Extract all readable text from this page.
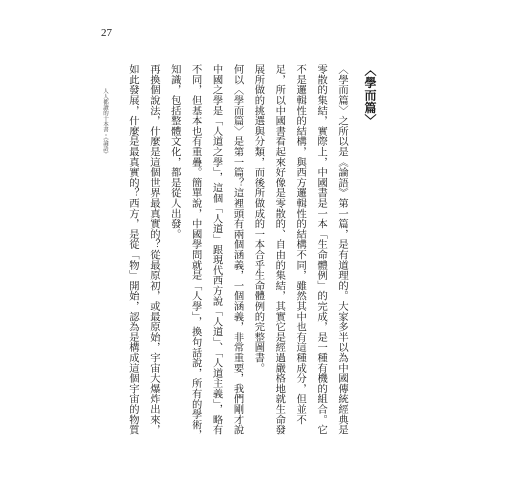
27
人人都讀的十本書・《論語》	〈學而篇〉

〈學而篇〉之所以是《論語》第一篇，是有道理的。大家多半以為中國傳統經典是零散的集結，實際上，中國書是一本「生命體例」的完成，是一種有機的組合。它不是邏輯性的結構，與西方邏輯性的結構不同，雖然其中也有這種成分，但並不足，所以中國書看起來好像是零散的、自由的集結，其實它是經過嚴格地就生命發展所做的挑選與分類，而後所做成的一本合乎生命體例的完整圖書。

何以〈學而篇〉是第一篇？這裡頭有兩個涵義，一個涵義，非常重要，我們剛才說中國之學是「人道之學」，這個「人道」跟現代西方說「人道」、「人道主義」，略有不同，但基本也有重疊。簡單說，中國學問就是「人學」，換句話說，所有的學術，知識，包括整體文化，都是從人出發。

再換個說法，什麼是這個世界最真實的？從最原初，或最原始，宇宙大爆炸出來，如此發展，什麼是最真實的？西方，是從「物」開始，認為是構成這個宇宙的物質
